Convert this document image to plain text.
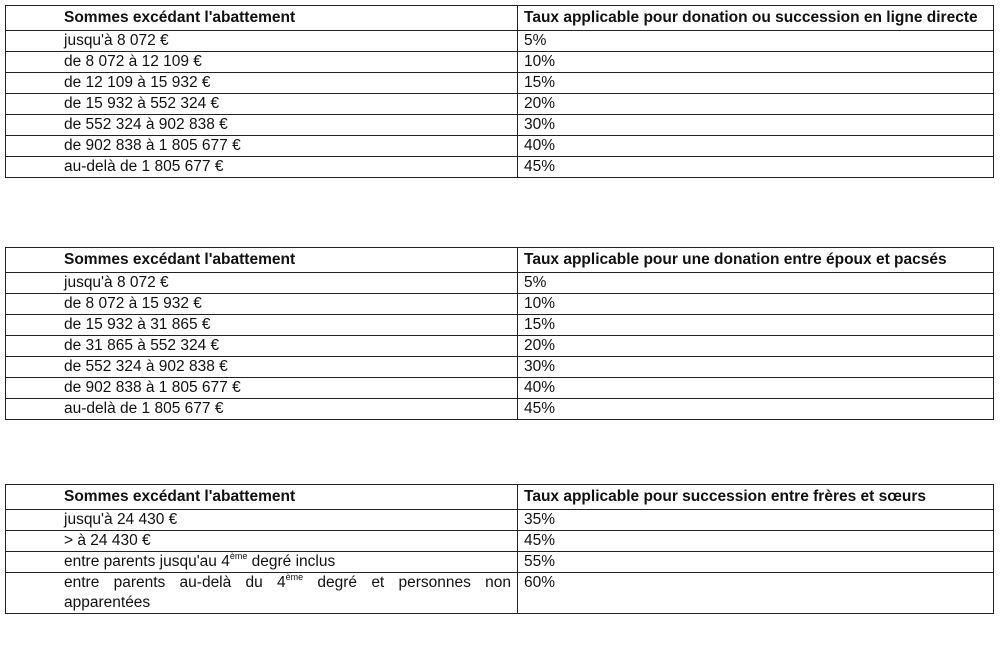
Sommes excédant l'abattement	Taux applicable pour donation ou succession en ligne directe
jusqu'à 8 072 €	5%
de 8 072 à 12 109 €	10%
de 12 109 à 15 932 €	15%
de 15 932 à 552 324 €	20%
de 552 324 à 902 838 €	30%
de 902 838 à 1 805 677 €	40%
au-delà de 1 805 677 €	45%
Sommes excédant l'abattement	Taux applicable pour une donation entre époux et pacsés
jusqu'à 8 072 €	5%
de 8 072 à 15 932 €	10%
de 15 932 à 31 865 €	15%
de 31 865 à 552 324 €	20%
de 552 324 à 902 838 €	30%
de 902 838 à 1 805 677 €	40%
au-delà de 1 805 677 €	45%
Sommes excédant l'abattement	Taux applicable pour succession entre frères et sœurs
jusqu'à 24 430 €	35%
> à 24 430 €	45%
entre parents jusqu'au 4ème degré inclus	55%
entre parents au-delà du 4ème degré et personnes non apparentées	60%
